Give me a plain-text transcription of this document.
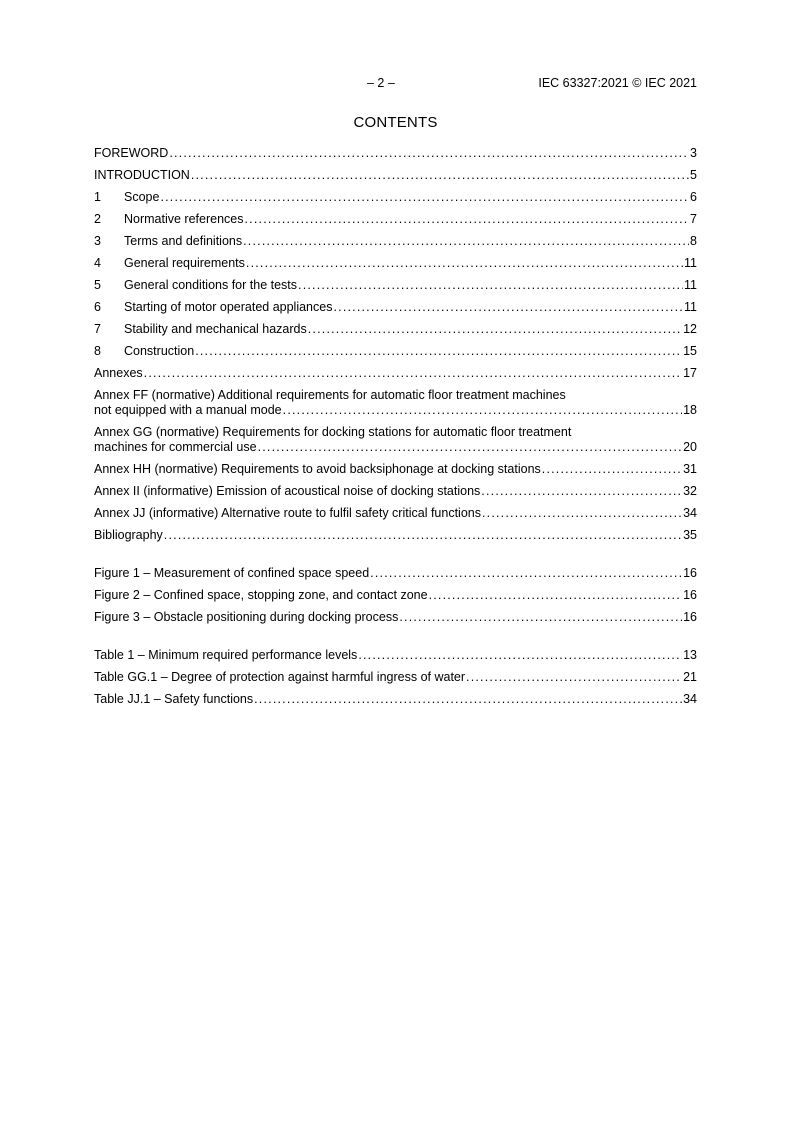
– 2 –	IEC 63327:2021 © IEC 2021
CONTENTS
FOREWORD .....	3
INTRODUCTION .....	5
1	Scope .....	6
2	Normative references .....	7
3	Terms and definitions .....	8
4	General requirements .....	11
5	General conditions for the tests .....	11
6	Starting of motor operated appliances .....	11
7	Stability and mechanical hazards .....	12
8	Construction .....	15
Annexes .....	17
Annex FF (normative) Additional requirements for automatic floor treatment machines
not equipped with a manual mode .....	18
Annex GG (normative) Requirements for docking stations for automatic floor treatment
machines for commercial use .....	20
Annex HH (normative) Requirements to avoid backsiphonage at docking stations .....	31
Annex II (informative) Emission of acoustical noise of docking stations .....	32
Annex JJ (informative) Alternative route to fulfil safety critical functions .....	34
Bibliography .....	35
Figure 1 – Measurement of confined space speed .....	16
Figure 2 – Confined space, stopping zone, and contact zone .....	16
Figure 3 – Obstacle positioning during docking process .....	16
Table 1 – Minimum required performance levels .....	13
Table GG.1 – Degree of protection against harmful ingress of water .....	21
Table JJ.1 – Safety functions .....	34
